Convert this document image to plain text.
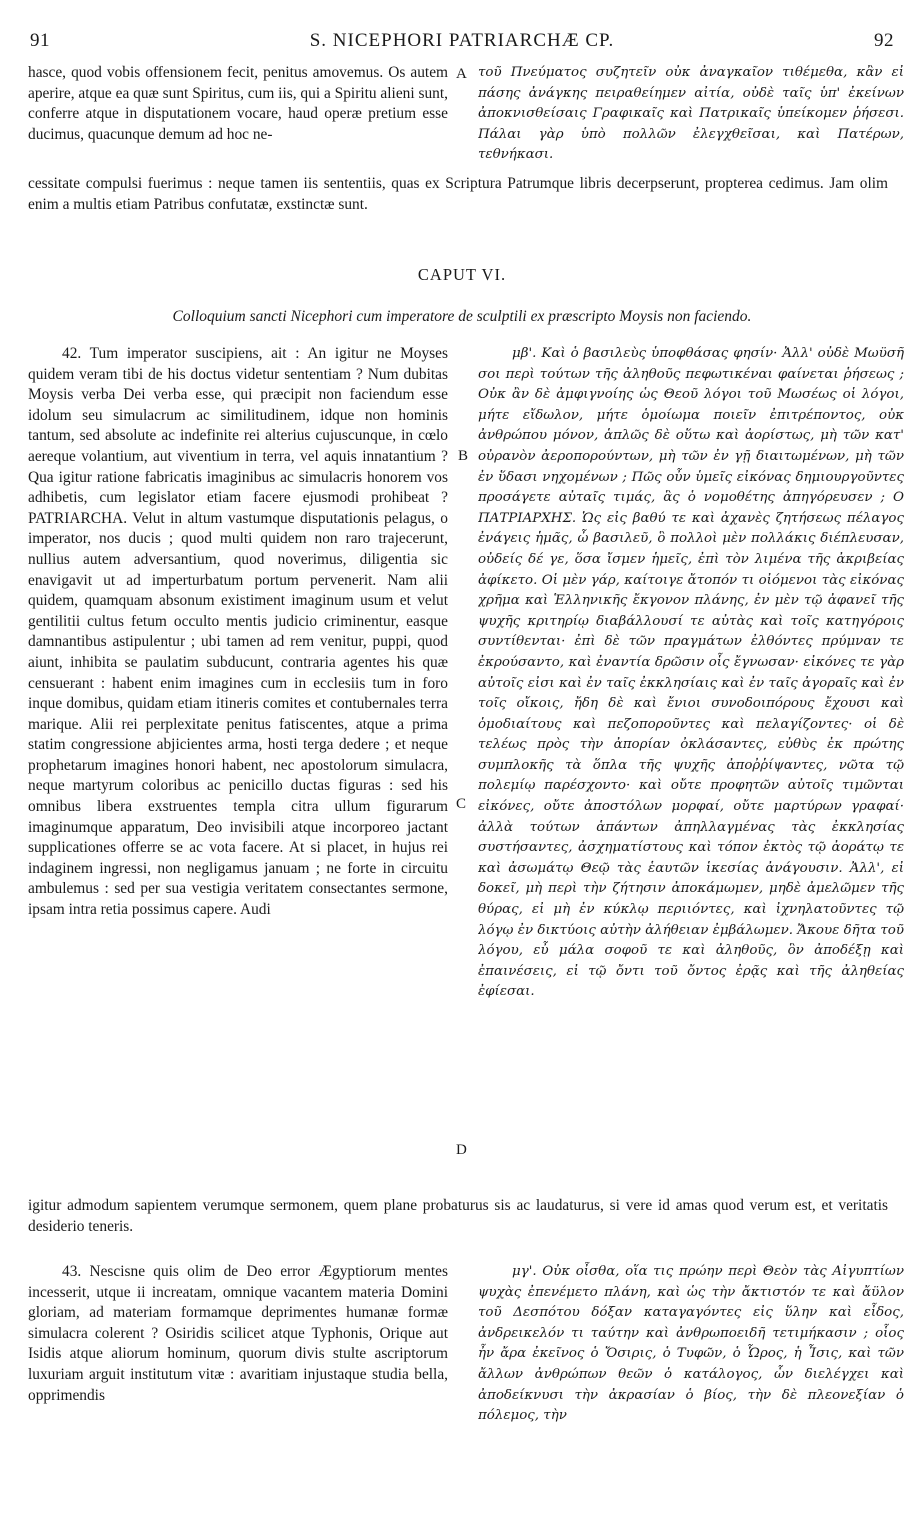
91	S. NICEPHORI PATRIARCHÆ CP.	92

hasce, quod vobis offensionem fecit, penitus amovemus. Os autem aperire, atque ea quæ sunt Spiritus, cum iis, qui a Spiritu alieni sunt, conferre atque in disputationem vocare, haud operæ pretium esse ducimus, quacunque demum ad hoc ne-

τοῦ Πνεύματος συζητεῖν οὐκ ἀναγκαῖον τιθέμεθα, κἂν εἰ πάσης ἀνάγκης πειραθείημεν αἰτία, οὐδὲ ταῖς ὑπ' ἐκείνων ἀποκνισθείσαις Γραφικαῖς καὶ Πατρικαῖς ὑπείκομεν ῥήσεσι. Πάλαι γὰρ ὑπὸ πολλῶν ἐλεγχθεῖσαι, καὶ Πατέρων, τεθνήκασι.

cessitate compulsi fuerimus : neque tamen iis sententiis, quas ex Scriptura Patrumque libris decerpserunt, propterea cedimus. Jam olim enim a multis etiam Patribus confutatæ, exstinctæ sunt.
CAPUT VI.
Colloquium sancti Nicephori cum imperatore de sculptili ex præscripto Moysis non faciendo.

42. Tum imperator suscipiens, ait : An igitur ne Moyses quidem veram tibi de his doctus videtur sententiam ? Num dubitas Moysis verba Dei verba esse, qui præcipit non faciendum esse idolum seu simulacrum ac similitudinem, idque non hominis tantum, sed absolute ac indefinite rei alterius cujuscunque, in cœlo aereque volantium, aut viventium in terra, vel aquis innatantium ? Qua igitur ratione fabricatis imaginibus ac simulacris honorem vos adhibetis, cum legislator etiam facere ejusmodi prohibeat ? PATRIARCHA. Velut in altum vastumque disputationis pelagus, o imperator, nos ducis ; quod multi quidem non raro trajecerunt, nullius autem adversantium, quod noverimus, diligentia sic enavigavit ut ad imperturbatum portum pervenerit. Nam alii quidem, quamquam absonum existiment imaginum usum et velut gentilitii cultus fetum occulto mentis judicio criminentur, easque damnantibus astipulentur ; ubi tamen ad rem venitur, puppi, quod aiunt, inhibita se paulatim subducunt, contraria agentes his quæ censuerant : habent enim imagines cum in ecclesiis tum in foro inque domibus, quidam etiam itineris comites et contubernales terra marique. Alii rei perplexitate penitus fatiscentes, atque a prima statim congressione abjicientes arma, hosti terga dedere ; et neque prophetarum imagines honori habent, nec apostolorum simulacra, neque martyrum coloribus ac penicillo ductas figuras : sed his omnibus libera exstruentes templa citra ullum figurarum imaginumque apparatum, Deo invisibili atque incorporeo jactant supplicationes offerre se ac vota facere. At si placet, in hujus rei indaginem ingressi, non negligamus januam ; ne forte in circuitu ambulemus : sed per sua vestigia veritatem consectantes sermone, ipsam intra retia possimus capere. Audi

μβ'. Καὶ ὁ βασιλεὺς ὑποφθάσας φησίν· Ἀλλ' οὐδὲ Μωϋσῆ σοι περὶ τούτων τῆς ἀληθοῦς πεφωτικέναι φαίνεται ῥήσεως ; Οὐκ ἂν δὲ ἀμφιγνοίης ὡς Θεοῦ λόγοι τοῦ Μωσέως οἱ λόγοι, μήτε εἴδωλον, μήτε ὁμοίωμα ποιεῖν ἐπιτρέποντος, οὐκ ἀνθρώπου μόνον, ἁπλῶς δὲ οὕτω καὶ ἀορίστως, μὴ τῶν κατ' οὐρανὸν ἀεροπορούντων, μὴ τῶν ἐν γῇ διαιτωμένων, μὴ τῶν ἐν ὕδασι νηχομένων ; Πῶς οὖν ὑμεῖς εἰκόνας δημιουργοῦντες προσάγετε αὐταῖς τιμάς, ἃς ὁ νομοθέτης ἀπηγόρευσεν ; Ο ΠΑΤΡΙΑΡΧΗΣ. Ὡς εἰς βαθύ τε καὶ ἀχανὲς ζητήσεως πέλαγος ἐνάγεις ἡμᾶς, ὦ βασιλεῦ, ὃ πολλοὶ μὲν πολλάκις διέπλευσαν, οὐδείς δέ γε, ὅσα ἴσμεν ἡμεῖς, ἐπὶ τὸν λιμένα τῆς ἀκριβείας ἀφίκετο. Οἱ μὲν γάρ, καίτοιγε ἄτοπόν τι οἰόμενοι τὰς εἰκόνας χρῆμα καὶ Ἑλληνικῆς ἔκγονον πλάνης, ἐν μὲν τῷ ἀφανεῖ τῆς ψυχῆς κριτηρίῳ διαβάλλουσί τε αὐτὰς καὶ τοῖς κατηγόροις συντίθενται· ἐπὶ δὲ τῶν πραγμάτων ἐλθόντες πρύμναν τε ἐκρούσαντο, καὶ ἐναντία δρῶσιν οἷς ἔγνωσαν· εἰκόνες τε γὰρ αὐτοῖς εἰσι καὶ ἐν ταῖς ἐκκλησίαις καὶ ἐν ταῖς ἀγοραῖς καὶ ἐν τοῖς οἴκοις, ἤδη δὲ καὶ ἔνιοι συνοδοιπόρους ἔχουσι καὶ ὁμοδιαίτους καὶ πεζοποροῦντες καὶ πελαγίζοντες· οἱ δὲ τελέως πρὸς τὴν ἀπορίαν ὀκλάσαντες, εὐθὺς ἐκ πρώτης συμπλοκῆς τὰ ὅπλα τῆς ψυχῆς ἀποῤῥίψαντες, νῶτα τῷ πολεμίῳ παρέσχοντο· καὶ οὔτε προφητῶν αὐτοῖς τιμῶνται εἰκόνες, οὔτε ἀποστόλων μορφαί, οὔτε μαρτύρων γραφαί· ἀλλὰ τούτων ἁπάντων ἀπηλλαγμένας τὰς ἐκκλησίας συστήσαντες, ἀσχηματίστους καὶ τόπον ἐκτὸς τῷ ἀοράτῳ τε καὶ ἀσωμάτῳ Θεῷ τὰς ἑαυτῶν ἱκεσίας ἀνάγουσιν. Ἀλλ', εἰ δοκεῖ, μὴ περὶ τὴν ζήτησιν ἀποκάμωμεν, μηδὲ ἀμελῶμεν τῆς θύρας, εἰ μὴ ἐν κύκλῳ περιιόντες, καὶ ἰχνηλατοῦντες τῷ λόγῳ ἐν δικτύοις αὐτὴν ἀλήθειαν ἐμβάλωμεν. Ἄκουε δῆτα τοῦ λόγου, εὖ μάλα σοφοῦ τε καὶ ἀληθοῦς, ὃν ἀποδέξῃ καὶ ἐπαινέσεις, εἰ τῷ ὄντι τοῦ ὄντος ἐρᾷς καὶ τῆς ἀληθείας ἐφίεσαι.

igitur admodum sapientem verumque sermonem, quem plane probaturus sis ac laudaturus, si vere id amas quod verum est, et veritatis desiderio teneris.

43. Nescisne quis olim de Deo error Ægyptiorum mentes incesserit, utque ii increatam, omnique vacantem materia Domini gloriam, ad materiam formamque deprimentes humanæ formæ simulacra colerent ? Osiridis scilicet atque Typhonis, Orique aut Isidis atque aliorum hominum, quorum divis stulte ascriptorum luxuriam arguit institutum vitæ : avaritiam injustaque studia bella, opprimendis

μγ'. Οὐκ οἶσθα, οἵα τις πρώην περὶ Θεὸν τὰς Αἰγυπτίων ψυχὰς ἐπενέμετο πλάνη, καὶ ὡς τὴν ἄκτιστόν τε καὶ ἄϋλον τοῦ Δεσπότου δόξαν καταγαγόντες εἰς ὕλην καὶ εἶδος, ἀνδρεικελόν τι ταύτην καὶ ἀνθρωποειδῆ τετιμήκασιν ; οἷος ἦν ἄρα ἐκεῖνος ὁ Ὄσιρις, ὁ Τυφῶν, ὁ Ὧρος, ἡ Ἶσις, καὶ τῶν ἄλλων ἀνθρώπων θεῶν ὁ κατάλογος, ὧν διελέγχει καὶ ἀποδείκνυσι τὴν ἀκρασίαν ὁ βίος, τὴν δὲ πλεονεξίαν ὁ πόλεμος, τὴν

A
B
C
D
